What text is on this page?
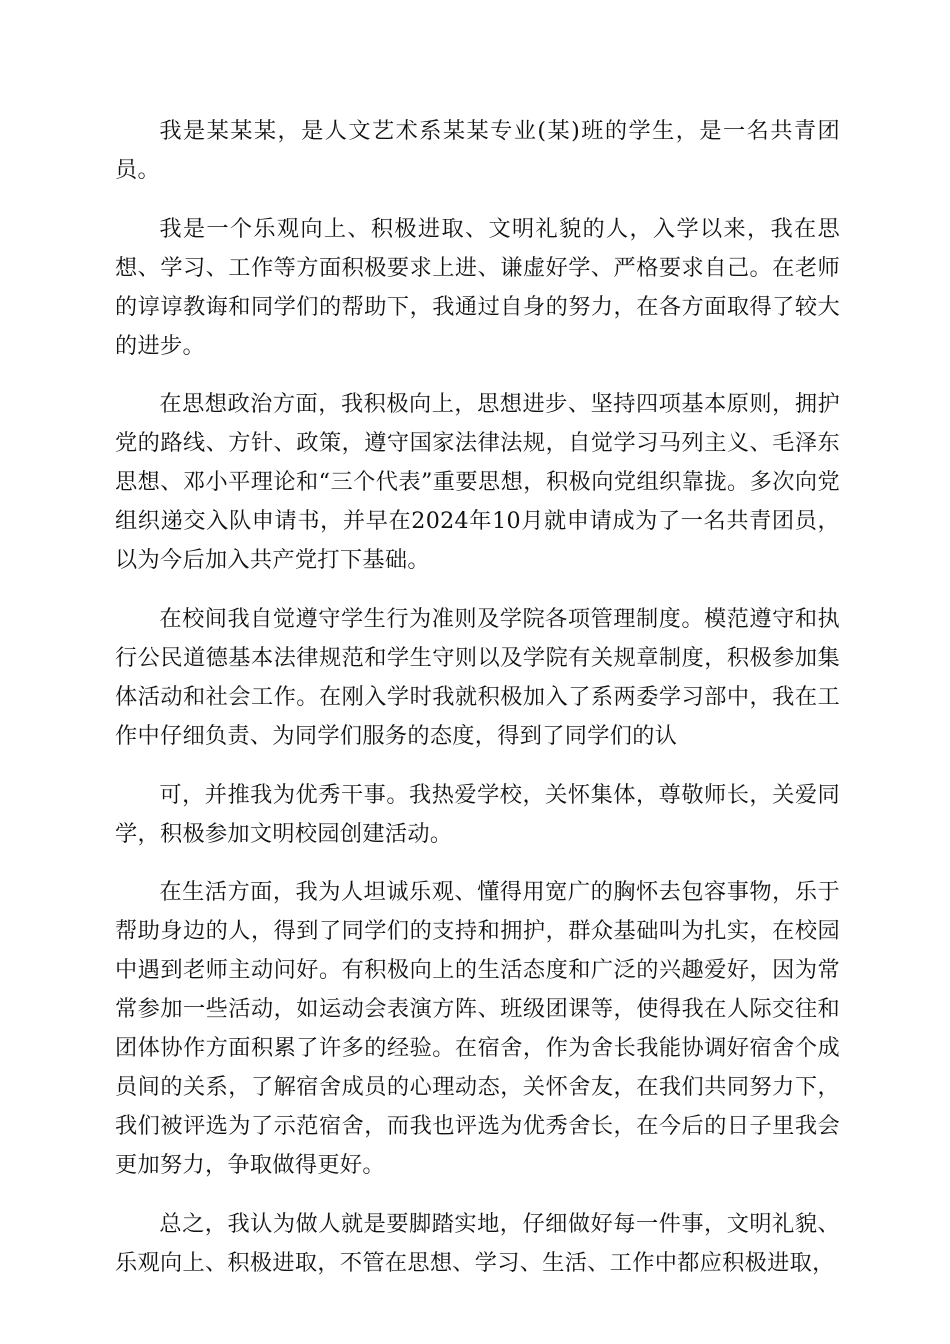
我是某某某，是人文艺术系某某专业(某)班的学生，是一名共青团员。

我是一个乐观向上、积极进取、文明礼貌的人，入学以来，我在思想、学习、工作等方面积极要求上进、谦虚好学、严格要求自己。在老师的谆谆教诲和同学们的帮助下，我通过自身的努力，在各方面取得了较大的进步。

在思想政治方面，我积极向上，思想进步、坚持四项基本原则，拥护党的路线、方针、政策，遵守国家法律法规，自觉学习马列主义、毛泽东思想、邓小平理论和“三个代表”重要思想，积极向党组织靠拢。多次向党组织递交入队申请书，并早在2024年10月就申请成为了一名共青团员，以为今后加入共产党打下基础。

在校间我自觉遵守学生行为准则及学院各项管理制度。模范遵守和执行公民道德基本法律规范和学生守则以及学院有关规章制度，积极参加集体活动和社会工作。在刚入学时我就积极加入了系两委学习部中，我在工作中仔细负责、为同学们服务的态度，得到了同学们的认

可，并推我为优秀干事。我热爱学校，关怀集体，尊敬师长，关爱同学，积极参加文明校园创建活动。

在生活方面，我为人坦诚乐观、懂得用宽广的胸怀去包容事物，乐于帮助身边的人，得到了同学们的支持和拥护，群众基础叫为扎实，在校园中遇到老师主动问好。有积极向上的生活态度和广泛的兴趣爱好，因为常常参加一些活动，如运动会表演方阵、班级团课等，使得我在人际交往和团体协作方面积累了许多的经验。在宿舍，作为舍长我能协调好宿舍个成员间的关系，了解宿舍成员的心理动态，关怀舍友，在我们共同努力下，我们被评选为了示范宿舍，而我也评选为优秀舍长，在今后的日子里我会更加努力，争取做得更好。

总之，我认为做人就是要脚踏实地，仔细做好每一件事，文明礼貌、乐观向上、积极进取，不管在思想、学习、生活、工作中都应积极进取，
